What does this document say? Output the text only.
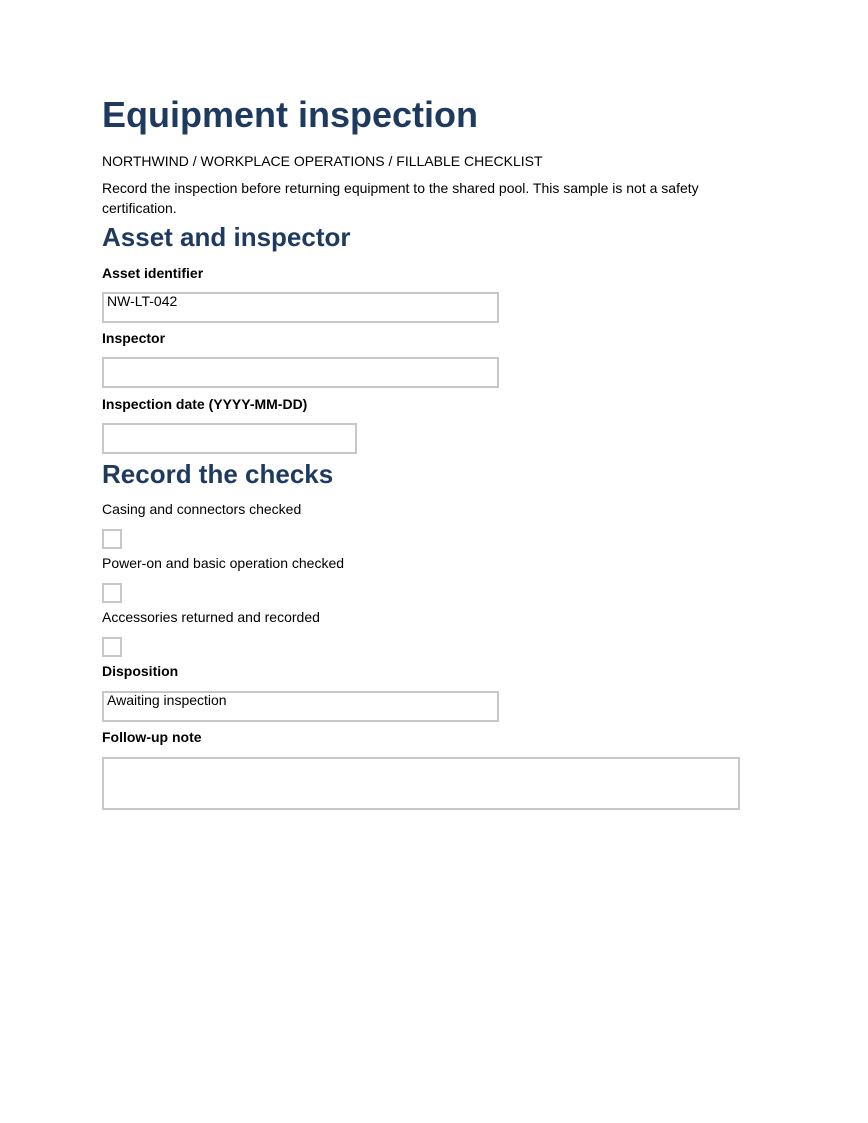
Equipment inspection

NORTHWIND / WORKPLACE OPERATIONS / FILLABLE CHECKLIST

Record the inspection before returning equipment to the shared pool. This sample is not a safety certification.

Asset and inspector

Asset identifier

NW-LT-042

Inspector

Inspection date (YYYY-MM-DD)

Record the checks

Casing and connectors checked

Power-on and basic operation checked

Accessories returned and recorded

Disposition

Awaiting inspection

Follow-up note
